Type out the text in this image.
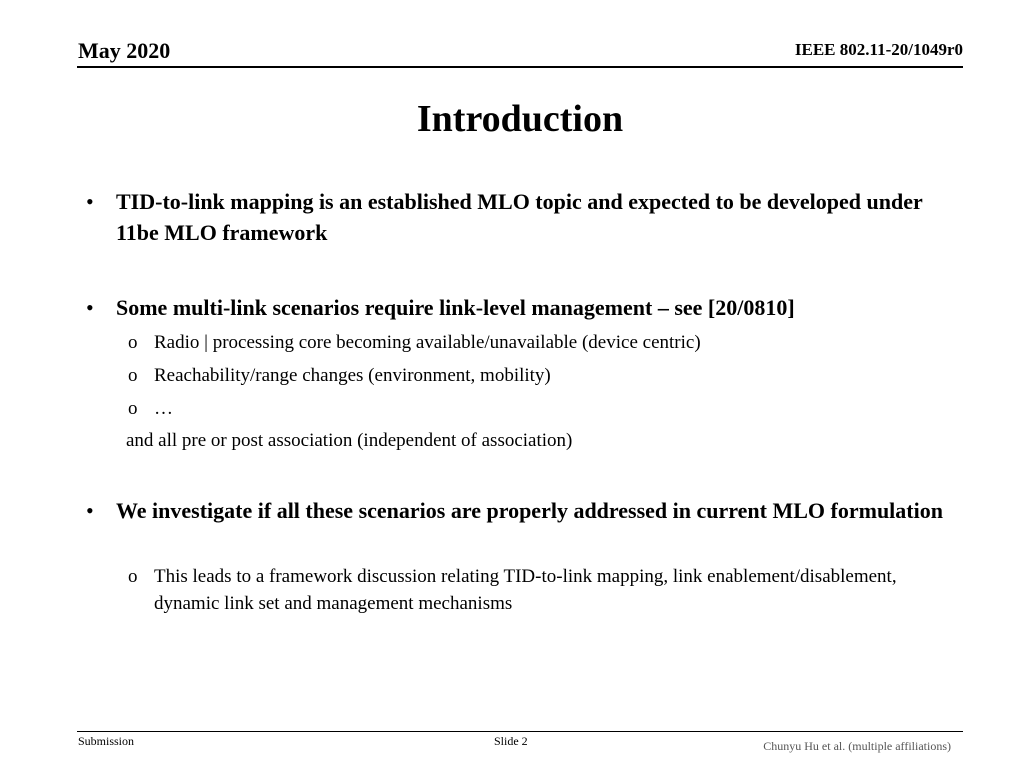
May 2020	IEEE 802.11-20/1049r0
Introduction
• TID-to-link mapping is an established MLO topic and expected to be developed under 11be MLO framework
• Some multi-link scenarios require link-level management – see [20/0810]
o Radio | processing core becoming available/unavailable (device centric)
o Reachability/range changes (environment, mobility)
o …
and all pre or post association (independent of association)
• We investigate if all these scenarios are properly addressed in current MLO formulation
o This leads to a framework discussion relating TID-to-link mapping, link enablement/disablement, dynamic link set and management mechanisms
Submission	Slide 2	Chunyu Hu et al. (multiple affiliations)
